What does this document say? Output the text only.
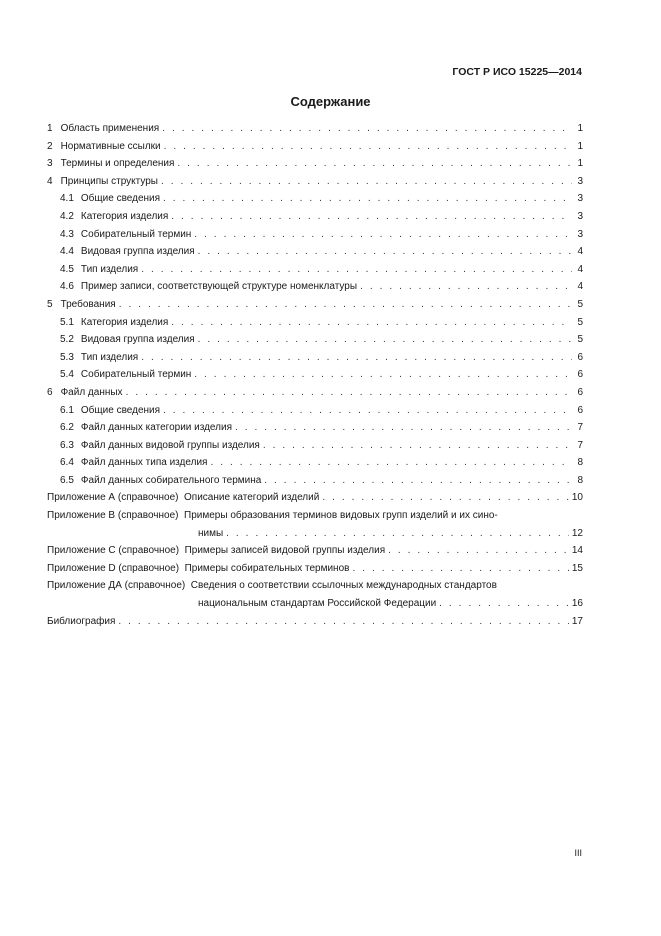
ГОСТ Р ИСО 15225—2014
Содержание
1 Область применения . . .	1
2 Нормативные ссылки . . .	1
3 Термины и определения . . .	1
4 Принципы структуры . . .	3
4.1 Общие сведения . . .	3
4.2 Категория изделия . . .	3
4.3 Собирательный термин . . .	3
4.4 Видовая группа изделия . . .	4
4.5 Тип изделия . . .	4
4.6 Пример записи, соответствующей структуре номенклатуры . . .	4
5 Требования . . .	5
5.1 Категория изделия . . .	5
5.2 Видовая группа изделия . . .	5
5.3 Тип изделия . . .	6
5.4 Собирательный термин . . .	6
6 Файл данных . . .	6
6.1 Общие сведения . . .	6
6.2 Файл данных категории изделия . . .	7
6.3 Файл данных видовой группы изделия . . .	7
6.4 Файл данных типа изделия . . .	8
6.5 Файл данных собирательного термина . . .	8
Приложение А (справочное)  Описание категорий изделий . . .	10
Приложение В (справочное)  Примеры образования терминов видовых групп изделий и их сино-
нимы . . .	12
Приложение С (справочное)  Примеры записей видовой группы изделия . . .	14
Приложение D (справочное)  Примеры собирательных терминов . . .	15
Приложение ДА (справочное)  Сведения о соответствии ссылочных международных стандартов
национальным стандартам Российской Федерации . . .	16
Библиография . . .	17
III
